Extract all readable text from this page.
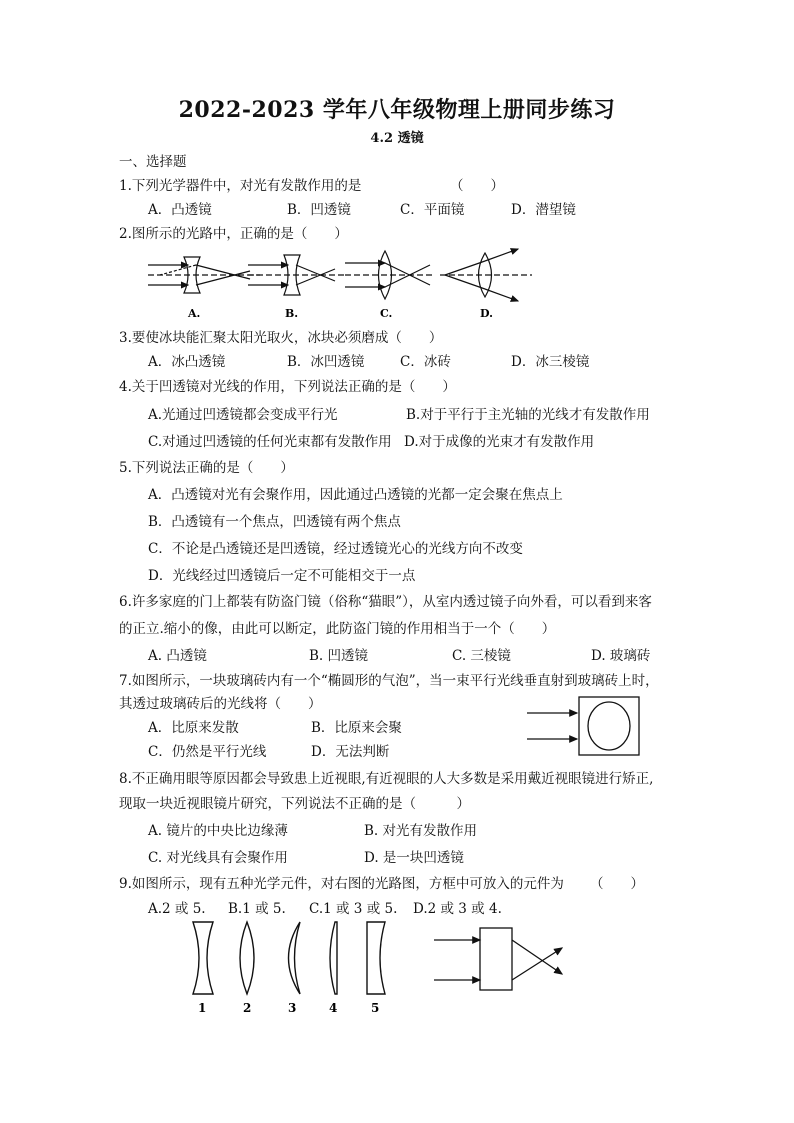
2022-2023 学年八年级物理上册同步练习
4.2 透镜
一、选择题
1.下列光学器件中，对光有发散作用的是	（　　）
A．凸透镜	B．凹透镜	C．平面镜	D．潜望镜
2.图所示的光路中，正确的是（　　）
A.	B.	C.	D.
3.要使冰块能汇聚太阳光取火，冰块必须磨成（　　）
A．冰凸透镜	B．冰凹透镜	C．冰砖	D．冰三棱镜
4.关于凹透镜对光线的作用，下列说法正确的是（　　）
A.光通过凹透镜都会变成平行光	B.对于平行于主光轴的光线才有发散作用
C.对通过凹透镜的任何光束都有发散作用 D.对于成像的光束才有发散作用
5.下列说法正确的是（　　）
A．凸透镜对光有会聚作用，因此通过凸透镜的光都一定会聚在焦点上
B．凸透镜有一个焦点，凹透镜有两个焦点
C．不论是凸透镜还是凹透镜，经过透镜光心的光线方向不改变
D．光线经过凹透镜后一定不可能相交于一点
6.许多家庭的门上都装有防盗门镜（俗称“猫眼”），从室内透过镜子向外看，可以看到来客
的正立.缩小的像，由此可以断定，此防盗门镜的作用相当于一个（　　）
A. 凸透镜	B. 凹透镜	C. 三棱镜	D. 玻璃砖
7.如图所示，一块玻璃砖内有一个“椭圆形的气泡”，当一束平行光线垂直射到玻璃砖上时，
其透过玻璃砖后的光线将（　　）
A．比原来发散	B．比原来会聚
C．仍然是平行光线	D．无法判断
8.不正确用眼等原因都会导致患上近视眼,有近视眼的人大多数是采用戴近视眼镜进行矫正,
现取一块近视眼镜片研究，下列说法不正确的是（　　　）
A. 镜片的中央比边缘薄	B. 对光有发散作用
C. 对光线具有会聚作用	D. 是一块凹透镜
9.如图所示，现有五种光学元件，对右图的光路图，方框中可放入的元件为 （　　）
A.2 或 5. B.1 或 5. C.1 或 3 或 5. D.2 或 3 或 4.
1	2	3	4	5
